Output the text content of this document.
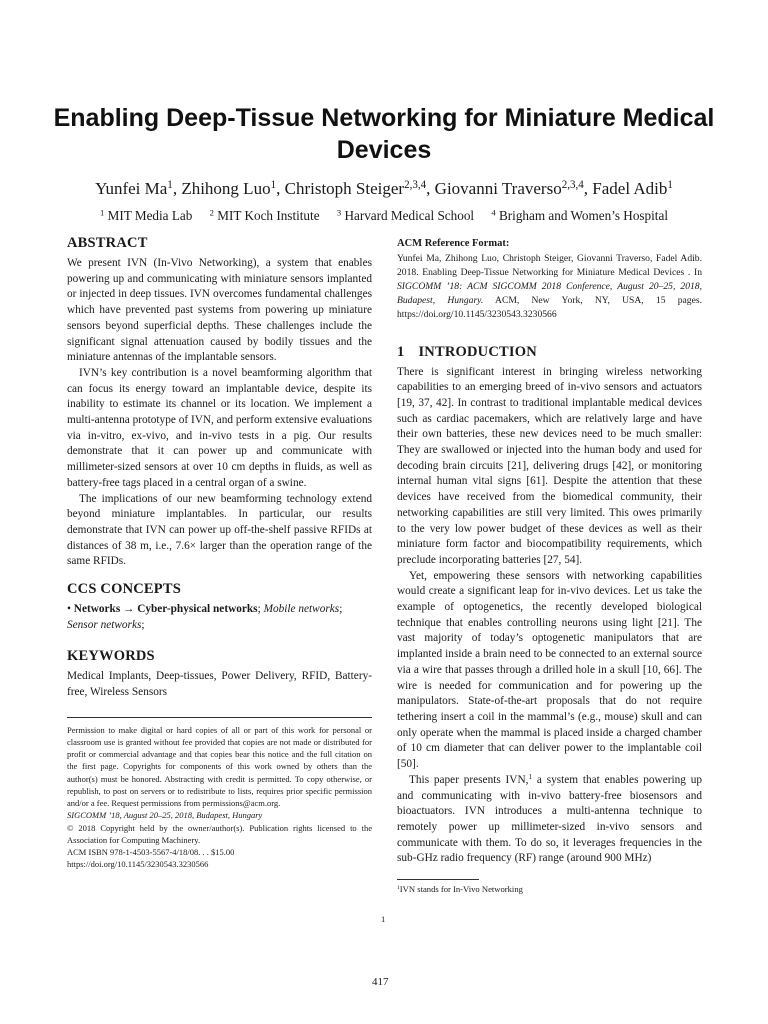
Enabling Deep-Tissue Networking for Miniature Medical Devices
Yunfei Ma$^1$, Zhihong Luo$^1$, Christoph Steiger$^{2,3,4}$, Giovanni Traverso$^{2,3,4}$, Fadel Adib$^1$
$^1$ MIT Media Lab $^2$ MIT Koch Institute $^3$ Harvard Medical School $^4$ Brigham and Women’s Hospital
ABSTRACT

We present IVN (In-Vivo Networking), a system that enables powering up and communicating with miniature sensors implanted or injected in deep tissues. IVN overcomes fundamental challenges which have prevented past systems from powering up miniature sensors beyond superficial depths. These challenges include the significant signal attenuation caused by bodily tissues and the miniature antennas of the implantable sensors.

IVN’s key contribution is a novel beamforming algorithm that can focus its energy toward an implantable device, despite its inability to estimate its channel or its location. We implement a multi-antenna prototype of IVN, and perform extensive evaluations via in-vitro, ex-vivo, and in-vivo tests in a pig. Our results demonstrate that it can power up and communicate with millimeter-sized sensors at over 10 cm depths in fluids, as well as battery-free tags placed in a central organ of a swine.

The implications of our new beamforming technology extend beyond miniature implantables. In particular, our results demonstrate that IVN can power up off-the-shelf passive RFIDs at distances of 38 m, i.e., 7.6× larger than the operation range of the same RFIDs.

CCS CONCEPTS

• Networks → Cyber-physical networks; Mobile networks; Sensor networks;

KEYWORDS

Medical Implants, Deep-tissues, Power Delivery, RFID, Battery-free, Wireless Sensors

Permission to make digital or hard copies of all or part of this work for personal or classroom use is granted without fee provided that copies are not made or distributed for profit or commercial advantage and that copies bear this notice and the full citation on the first page. Copyrights for components of this work owned by others than the author(s) must be honored. Abstracting with credit is permitted. To copy otherwise, or republish, to post on servers or to redistribute to lists, requires prior specific permission and/or a fee. Request permissions from permissions@acm.org.

SIGCOMM ’18, August 20–25, 2018, Budapest, Hungary

© 2018 Copyright held by the owner/author(s). Publication rights licensed to the Association for Computing Machinery.

ACM ISBN 978-1-4503-5567-4/18/08. . . $15.00

https://doi.org/10.1145/3230543.3230566

ACM Reference Format:

Yunfei Ma, Zhihong Luo, Christoph Steiger, Giovanni Traverso, Fadel Adib. 2018. Enabling Deep-Tissue Networking for Miniature Medical Devices . In SIGCOMM ’18: ACM SIGCOMM 2018 Conference, August 20–25, 2018, Budapest, Hungary. ACM, New York, NY, USA, 15 pages. https://doi.org/10.1145/3230543.3230566

1 INTRODUCTION

There is significant interest in bringing wireless networking capabilities to an emerging breed of in-vivo sensors and actuators [19, 37, 42]. In contrast to traditional implantable medical devices such as cardiac pacemakers, which are relatively large and have their own batteries, these new devices need to be much smaller: They are swallowed or injected into the human body and used for decoding brain circuits [21], delivering drugs [42], or monitoring internal human vital signs [61]. Despite the attention that these devices have received from the biomedical community, their networking capabilities are still very limited. This owes primarily to the very low power budget of these devices as well as their miniature form factor and biocompatibility requirements, which preclude incorporating batteries [27, 54].

Yet, empowering these sensors with networking capabilities would create a significant leap for in-vivo devices. Let us take the example of optogenetics, the recently developed biological technique that enables controlling neurons using light [21]. The vast majority of today’s optogenetic manipulators that are implanted inside a brain need to be connected to an external source via a wire that passes through a drilled hole in a skull [10, 66]. The wire is needed for communication and for powering up the manipulators. State-of-the-art proposals that do not require tethering insert a coil in the mammal’s (e.g., mouse) skull and can only operate when the mammal is placed inside a charged chamber of 10 cm diameter that can deliver power to the implantable coil [50].

This paper presents IVN,$^1$ a system that enables powering up and communicating with in-vivo battery-free biosensors and bioactuators. IVN introduces a multi-antenna technique to remotely power up millimeter-sized in-vivo sensors and communicate with them. To do so, it leverages frequencies in the sub-GHz radio frequency (RF) range (around 900 MHz)

$^1$IVN stands for In-Vivo Networking
1
417
